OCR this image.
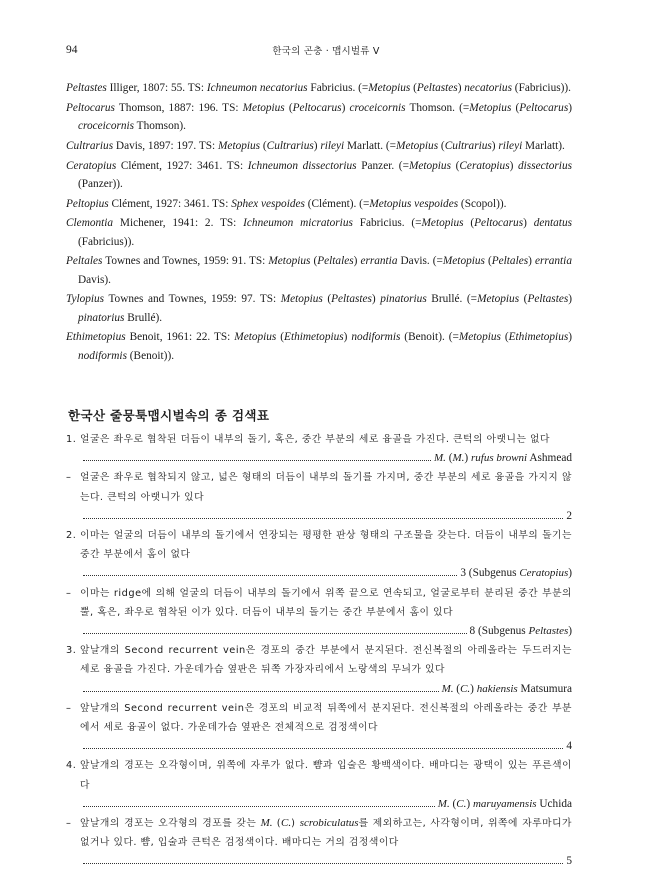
94	한국의 곤충 · 맵시벌류 V

Peltastes Illiger, 1807: 55. TS: Ichneumon necatorius Fabricius. (=Metopius (Peltastes) necatorius (Fabricius)).

Peltocarus Thomson, 1887: 196. TS: Metopius (Peltocarus) croceicornis Thomson. (=Metopius (Peltocarus) croceicornis Thomson).

Cultrarius Davis, 1897: 197. TS: Metopius (Cultrarius) rileyi Marlatt. (=Metopius (Cultrarius) rileyi Marlatt).

Ceratopius Clément, 1927: 3461. TS: Ichneumon dissectorius Panzer. (=Metopius (Ceratopius) dissectorius (Panzer)).

Peltopius Clément, 1927: 3461. TS: Sphex vespoides (Clément). (=Metopius vespoides (Scopol)).

Clemontia Michener, 1941: 2. TS: Ichneumon micratorius Fabricius. (=Metopius (Peltocarus) dentatus (Fabricius)).

Peltales Townes and Townes, 1959: 91. TS: Metopius (Peltales) errantia Davis. (=Metopius (Peltales) errantia Davis).

Tylopius Townes and Townes, 1959: 97. TS: Metopius (Peltastes) pinatorius Brullé. (=Metopius (Peltastes) pinatorius Brullé).

Ethimetopius Benoit, 1961: 22. TS: Metopius (Ethimetopius) nodiformis (Benoit). (=Metopius (Ethimetopius) nodiformis (Benoit)).

한국산 줄뭉툭맵시벌속의 종 검색표
1. 얼굴은 좌우로 협착된 더듬이 내부의 돌기, 혹은, 중간 부분의 세로 융골을 가진다. 큰턱의 아랫니는 없다
M. (M.) rufus browni Ashmead
– 얼굴은 좌우로 협착되지 않고, 넓은 형태의 더듬이 내부의 돌기를 가지며, 중간 부분의 세로 융골을 가지지 않는다. 큰턱의 아랫니가 있다
2
2. 이마는 얼굴의 더듬이 내부의 돌기에서 연장되는 평평한 판상 형태의 구조물을 갖는다. 더듬이 내부의 돌기는 중간 부분에서 홈이 없다
3 (Subgenus Ceratopius)
– 이마는 ridge에 의해 얼굴의 더듬이 내부의 돌기에서 위쪽 끝으로 연속되고, 얼굴로부터 분리된 중간 부분의 뿔, 혹은, 좌우로 협착된 이가 있다. 더듬이 내부의 돌기는 중간 부분에서 홈이 있다
8 (Subgenus Peltastes)
3. 앞날개의 Second recurrent vein은 경포의 중간 부분에서 분지된다. 전신복절의 아레올라는 두드러지는 세로 융골을 가진다. 가운데가슴 옆판은 뒤쪽 가장자리에서 노랑색의 무늬가 있다
M. (C.) hakiensis Matsumura
– 앞날개의 Second recurrent vein은 경포의 비교적 뒤쪽에서 분지된다. 전신복절의 아레올라는 중간 부분에서 세로 융골이 없다. 가운데가슴 옆판은 전체적으로 검정색이다
4
4. 앞날개의 경포는 오각형이며, 위쪽에 자루가 없다. 뺨과 입술은 황백색이다. 배마디는 광택이 있는 푸른색이다
M. (C.) maruyamensis Uchida
– 앞날개의 경포는 오각형의 경포를 갖는 M. (C.) scrobiculatus를 제외하고는, 사각형이며, 위쪽에 자루마디가 없거나 있다. 뺨, 입술과 큰턱은 검정색이다. 배마디는 거의 검정색이다
5
